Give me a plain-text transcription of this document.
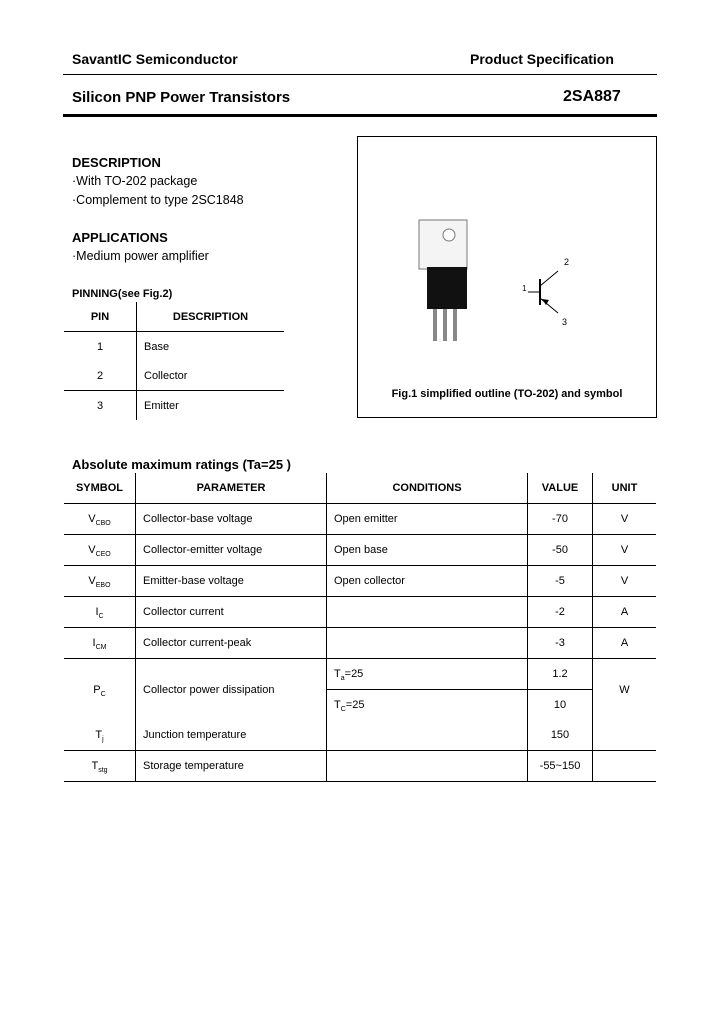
SavantIC Semiconductor	Product Specification
Silicon PNP Power Transistors	2SA887
DESCRIPTION
·With TO-202 package
·Complement to type 2SC1848
APPLICATIONS
·Medium power amplifier
PINNING(see Fig.2)
PIN	DESCRIPTION
1	Base
2	Collector
3	Emitter
1
2
3
Fig.1 simplified outline (TO-202) and symbol
Absolute maximum ratings (Ta=25 )
SYMBOL	PARAMETER	CONDITIONS	VALUE	UNIT
$V_{CBO}$	Collector-base voltage	Open emitter	-70	V
$V_{CEO}$	Collector-emitter voltage	Open base	-50	V
$V_{EBO}$	Emitter-base voltage	Open collector	-5	V
$I_C$	Collector current		-2	A
$I_{CM}$	Collector current-peak		-3	A
$P_C$	Collector power dissipation	$T_a=25$	1.2	W
		$T_C=25$	10	
$T_j$	Junction temperature		150	
$T_{stg}$	Storage temperature		-55~150	
